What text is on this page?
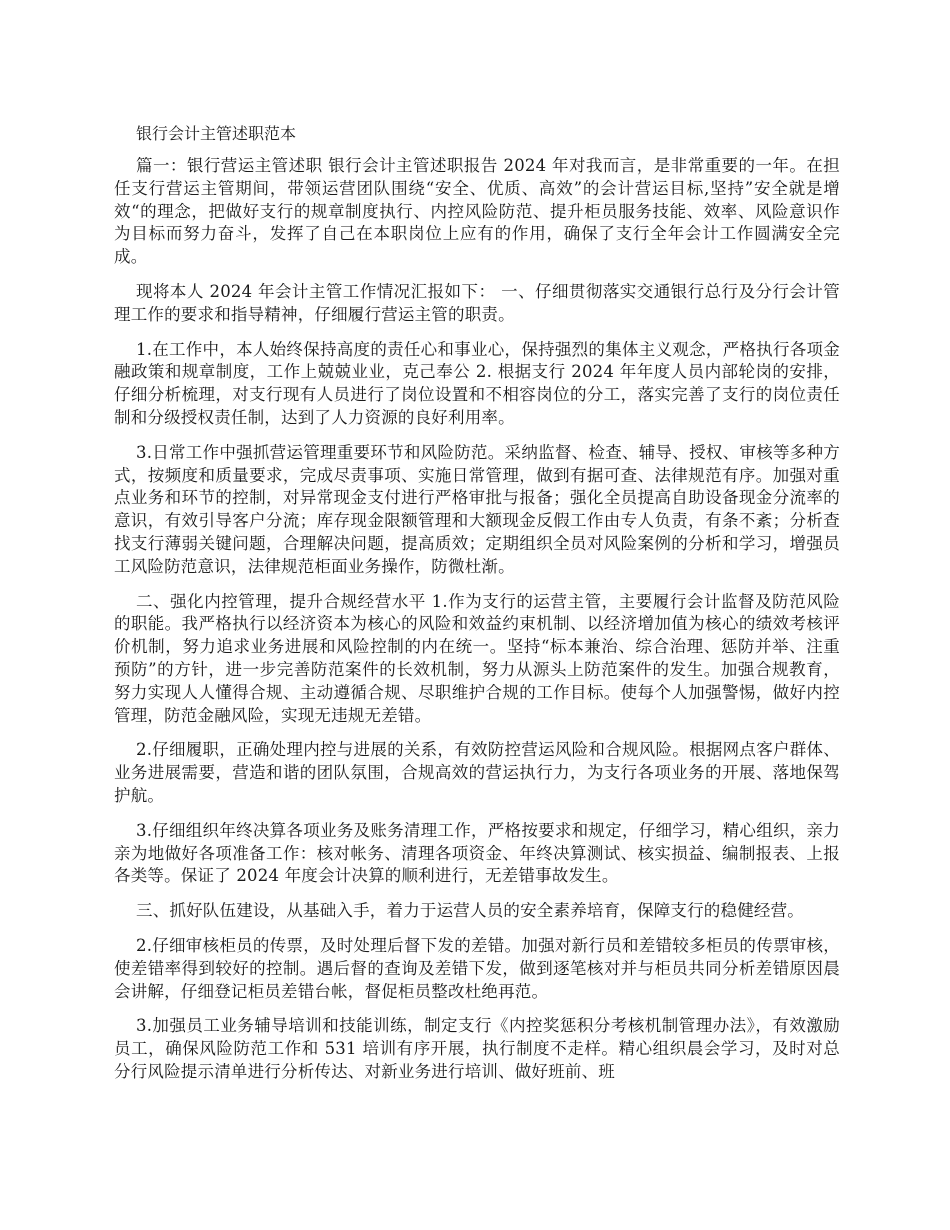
银行会计主管述职范本

篇一：银行营运主管述职 银行会计主管述职报告 2024 年对我而言，是非常重要的一年。在担任支行营运主管期间，带领运营团队围绕“安全、优质、高效”的会计营运目标,坚持”安全就是增效“的理念，把做好支行的规章制度执行、内控风险防范、提升柜员服务技能、效率、风险意识作为目标而努力奋斗，发挥了自己在本职岗位上应有的作用，确保了支行全年会计工作圆满安全完成。

现将本人 2024 年会计主管工作情况汇报如下： 一、仔细贯彻落实交通银行总行及分行会计管理工作的要求和指导精神，仔细履行营运主管的职责。

1.在工作中，本人始终保持高度的责任心和事业心，保持强烈的集体主义观念，严格执行各项金融政策和规章制度，工作上兢兢业业，克己奉公 2. 根据支行 2024 年年度人员内部轮岗的安排，仔细分析梳理，对支行现有人员进行了岗位设置和不相容岗位的分工，落实完善了支行的岗位责任制和分级授权责任制，达到了人力资源的良好利用率。

3.日常工作中强抓营运管理重要环节和风险防范。采纳监督、检查、辅导、授权、审核等多种方式，按频度和质量要求，完成尽责事项、实施日常管理，做到有据可查、法律规范有序。加强对重点业务和环节的控制，对异常现金支付进行严格审批与报备；强化全员提高自助设备现金分流率的意识，有效引导客户分流；库存现金限额管理和大额现金反假工作由专人负责，有条不紊；分析查找支行薄弱关键问题，合理解决问题，提高质效；定期组织全员对风险案例的分析和学习，增强员工风险防范意识，法律规范柜面业务操作，防微杜渐。

二、强化内控管理，提升合规经营水平 1.作为支行的运营主管，主要履行会计监督及防范风险的职能。我严格执行以经济资本为核心的风险和效益约束机制、以经济增加值为核心的绩效考核评价机制，努力追求业务进展和风险控制的内在统一。坚持“标本兼治、综合治理、惩防并举、注重预防”的方针，进一步完善防范案件的长效机制，努力从源头上防范案件的发生。加强合规教育，努力实现人人懂得合规、主动遵循合规、尽职维护合规的工作目标。使每个人加强警惕，做好内控管理，防范金融风险，实现无违规无差错。

2.仔细履职，正确处理内控与进展的关系，有效防控营运风险和合规风险。根据网点客户群体、业务进展需要，营造和谐的团队氛围，合规高效的营运执行力，为支行各项业务的开展、落地保驾护航。

3.仔细组织年终决算各项业务及账务清理工作，严格按要求和规定，仔细学习，精心组织，亲力亲为地做好各项准备工作：核对帐务、清理各项资金、年终决算测试、核实损益、编制报表、上报各类等。保证了 2024 年度会计决算的顺利进行，无差错事故发生。

三、抓好队伍建设，从基础入手，着力于运营人员的安全素养培育，保障支行的稳健经营。

2.仔细审核柜员的传票，及时处理后督下发的差错。加强对新行员和差错较多柜员的传票审核，使差错率得到较好的控制。遇后督的查询及差错下发，做到逐笔核对并与柜员共同分析差错原因晨会讲解，仔细登记柜员差错台帐，督促柜员整改杜绝再范。

3.加强员工业务辅导培训和技能训练，制定支行《内控奖惩积分考核机制管理办法》，有效激励员工，确保风险防范工作和 531 培训有序开展，执行制度不走样。精心组织晨会学习，及时对总分行风险提示清单进行分析传达、对新业务进行培训、做好班前、班
